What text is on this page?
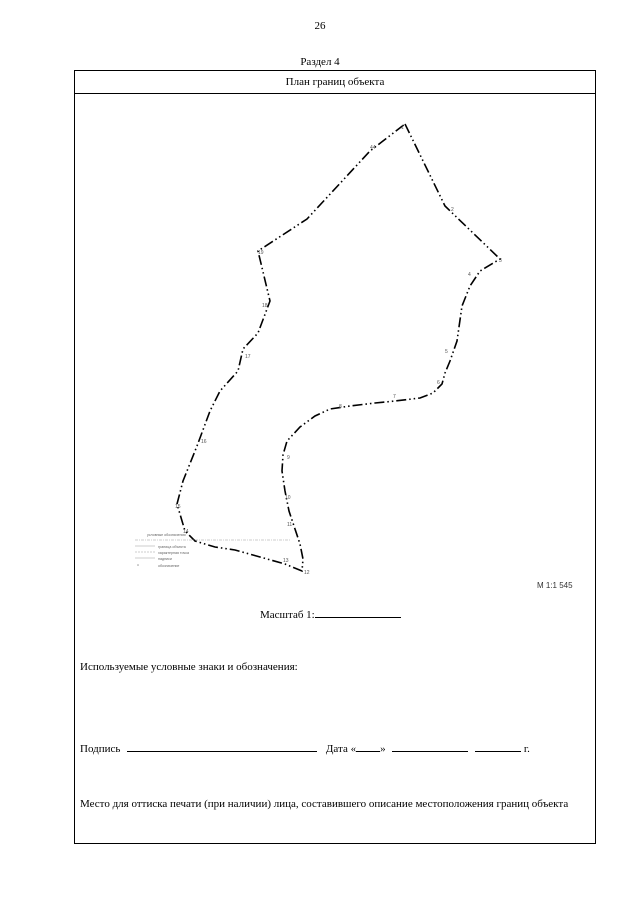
26
Раздел 4
План границ объекта
1
44
2
3
4
5
6
7
8
9
10
11
12
13
14
15
16
17
18
19
условные обозначения
граница объекта
характерная точка
надписи
обозначение
М 1:1 545
Масштаб 1:
Используемые условные знаки и обозначения:
Подпись	Дата « »	г.
Место для оттиска печати (при наличии) лица, составившего описание местоположения границ объекта
